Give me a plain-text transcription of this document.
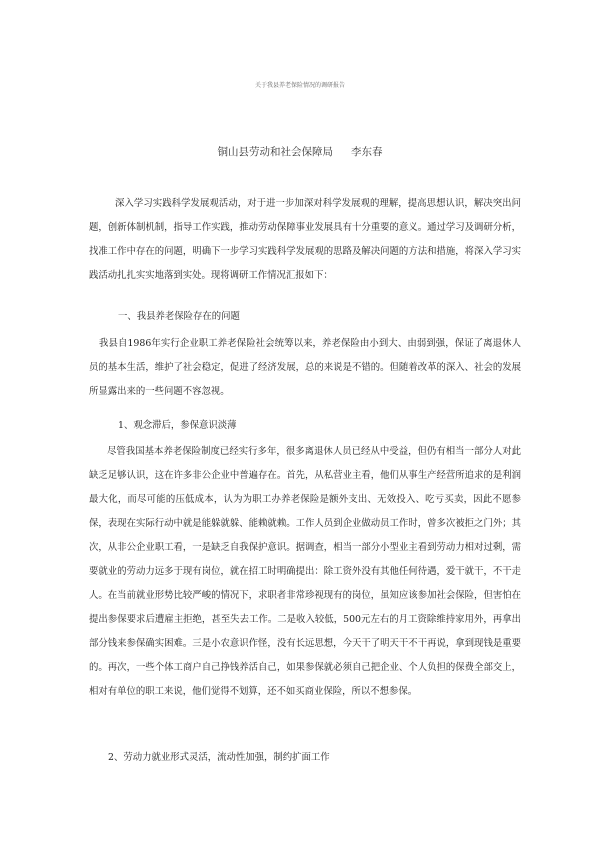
关于我县养老保险情况的调研报告
铜山县劳动和社会保障局 李东春

深入学习实践科学发展观活动，对于进一步加深对科学发展观的理解，提高思想认识，解决突出问题，创新体制机制，指导工作实践，推动劳动保障事业发展具有十分重要的意义。通过学习及调研分析，找准工作中存在的问题，明确下一步学习实践科学发展观的思路及解决问题的方法和措施，将深入学习实践活动扎扎实实地落到实处。现将调研工作情况汇报如下：

一、我县养老保险存在的问题

我县自1986年实行企业职工养老保险社会统筹以来，养老保险由小到大、由弱到强，保证了离退休人员的基本生活，维护了社会稳定，促进了经济发展，总的来说是不错的。但随着改革的深入、社会的发展所显露出来的一些问题不容忽视。

1、观念滞后，参保意识淡薄

尽管我国基本养老保险制度已经实行多年，很多离退休人员已经从中受益，但仍有相当一部分人对此缺乏足够认识，这在许多非公企业中普遍存在。首先，从私营业主看，他们从事生产经营所追求的是利润最大化，而尽可能的压低成本，认为为职工办养老保险是额外支出、无效投入、吃亏买卖，因此不愿参保，表现在实际行动中就是能躲就躲、能赖就赖。工作人员到企业做动员工作时，曾多次被拒之门外；其次，从非公企业职工看，一是缺乏自我保护意识。据调查，相当一部分小型业主看到劳动力相对过剩，需要就业的劳动力远多于现有岗位，就在招工时明确提出：除工资外没有其他任何待遇，爱干就干，不干走人。在当前就业形势比较严峻的情况下，求职者非常珍视现有的岗位，虽知应该参加社会保险，但害怕在提出参保要求后遭雇主拒绝，甚至失去工作。二是收入较低，500元左右的月工资除维持家用外，再拿出部分钱来参保确实困难。三是小农意识作怪，没有长远思想，今天干了明天干不干再说，拿到现钱是重要的。再次，一些个体工商户自己挣钱养活自己，如果参保就必须自己把企业、个人负担的保费全部交上，相对有单位的职工来说，他们觉得不划算，还不如买商业保险，所以不想参保。

2、劳动力就业形式灵活，流动性加强，制约扩面工作
